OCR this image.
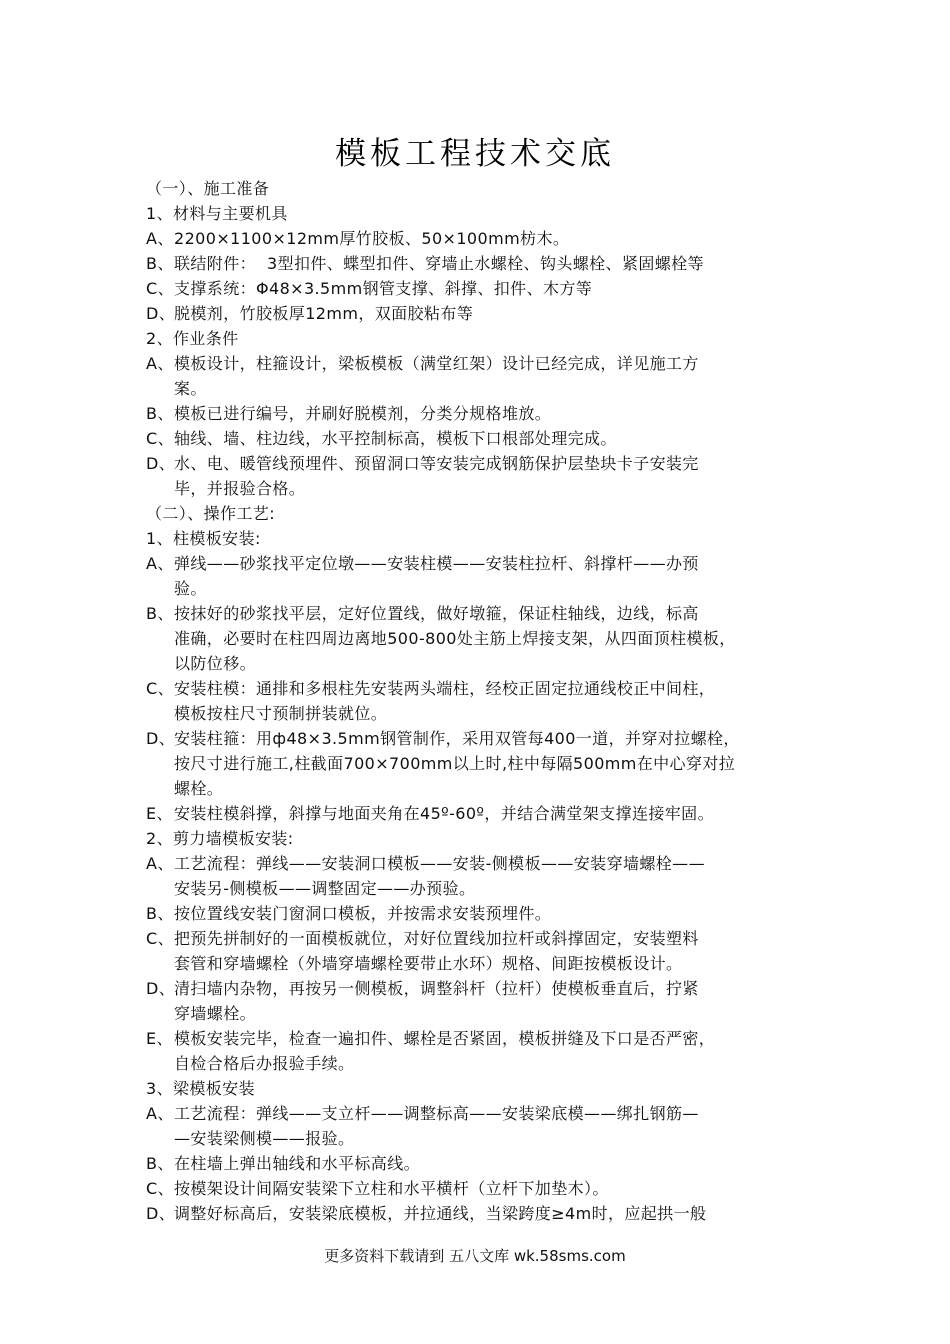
模板工程技术交底
（一）、施工准备
1、材料与主要机具
A、 2200×1100×12mm厚竹胶板、50×100mm枋木。
B、 联结附件：  3型扣件、蝶型扣件、穿墙止水螺栓、钩头螺栓、紧固螺栓等
C、 支撑系统：Φ48×3.5mm钢管支撑、斜撑、扣件、木方等
D、
脱模剂，竹胶板厚12mm，双面胶粘布等
2、作业条件
A、 模板设计，柱箍设计，梁板模板（满堂红架）设计已经完成，详见施工方
案。
B、 模板已进行编号，并刷好脱模剂，分类分规格堆放。
C、 轴线、墙、柱边线，水平控制标高，模板下口根部处理完成。
D、
水、电、暖管线预埋件、预留洞口等安装完成钢筋保护层垫块卡子安装完
毕，并报验合格。
（二）、操作工艺:
1、柱模板安装:
A、 弹线——砂浆找平定位墩——安装柱模——安装柱拉杆、斜撑杆——办预
验。
B、 按抹好的砂浆找平层，定好位置线，做好墩箍，保证柱轴线，边线，标高
准确，必要时在柱四周边离地500-800处主筋上焊接支架，从四面顶柱模板，
以防位移。
C、 安装柱模：通排和多根柱先安装两头端柱，经校正固定拉通线校正中间柱，
模板按柱尺寸预制拼装就位。
D、
安装柱箍：用ф48×3.5mm钢管制作，采用双管每400一道，并穿对拉螺栓，
按尺寸进行施工,柱截面700×700mm以上时,柱中每隔500mm在中心穿对拉
螺栓。
E、 安装柱模斜撑，斜撑与地面夹角在45º-60º，并结合满堂架支撑连接牢固。
2、剪力墙模板安装:
A、 工艺流程：弹线——安装洞口模板——安装-侧模板——安装穿墙螺栓——
安装另-侧模板——调整固定——办预验。
B、 按位置线安装门窗洞口模板，并按需求安装预埋件。
C、 把预先拼制好的一面模板就位，对好位置线加拉杆或斜撑固定，安装塑料
套管和穿墙螺栓（外墙穿墙螺栓要带止水环）规格、间距按模板设计。
D、
清扫墙内杂物，再按另一侧模板，调整斜杆（拉杆）使模板垂直后，拧紧
穿墙螺栓。
E、 模板安装完毕，检查一遍扣件、螺栓是否紧固，模板拼缝及下口是否严密，
自检合格后办报验手续。
3、梁模板安装
A、 工艺流程：弹线——支立杆——调整标高——安装梁底模——绑扎钢筋—
—安装梁侧模——报验。
B、 在柱墙上弹出轴线和水平标高线。
C、 按模架设计间隔安装梁下立柱和水平横杆（立杆下加垫木）。
D、
调整好标高后，安装梁底模板，并拉通线，当梁跨度≥4m时，应起拱一般
更多资料下载请到 五八文库 wk.58sms.com
